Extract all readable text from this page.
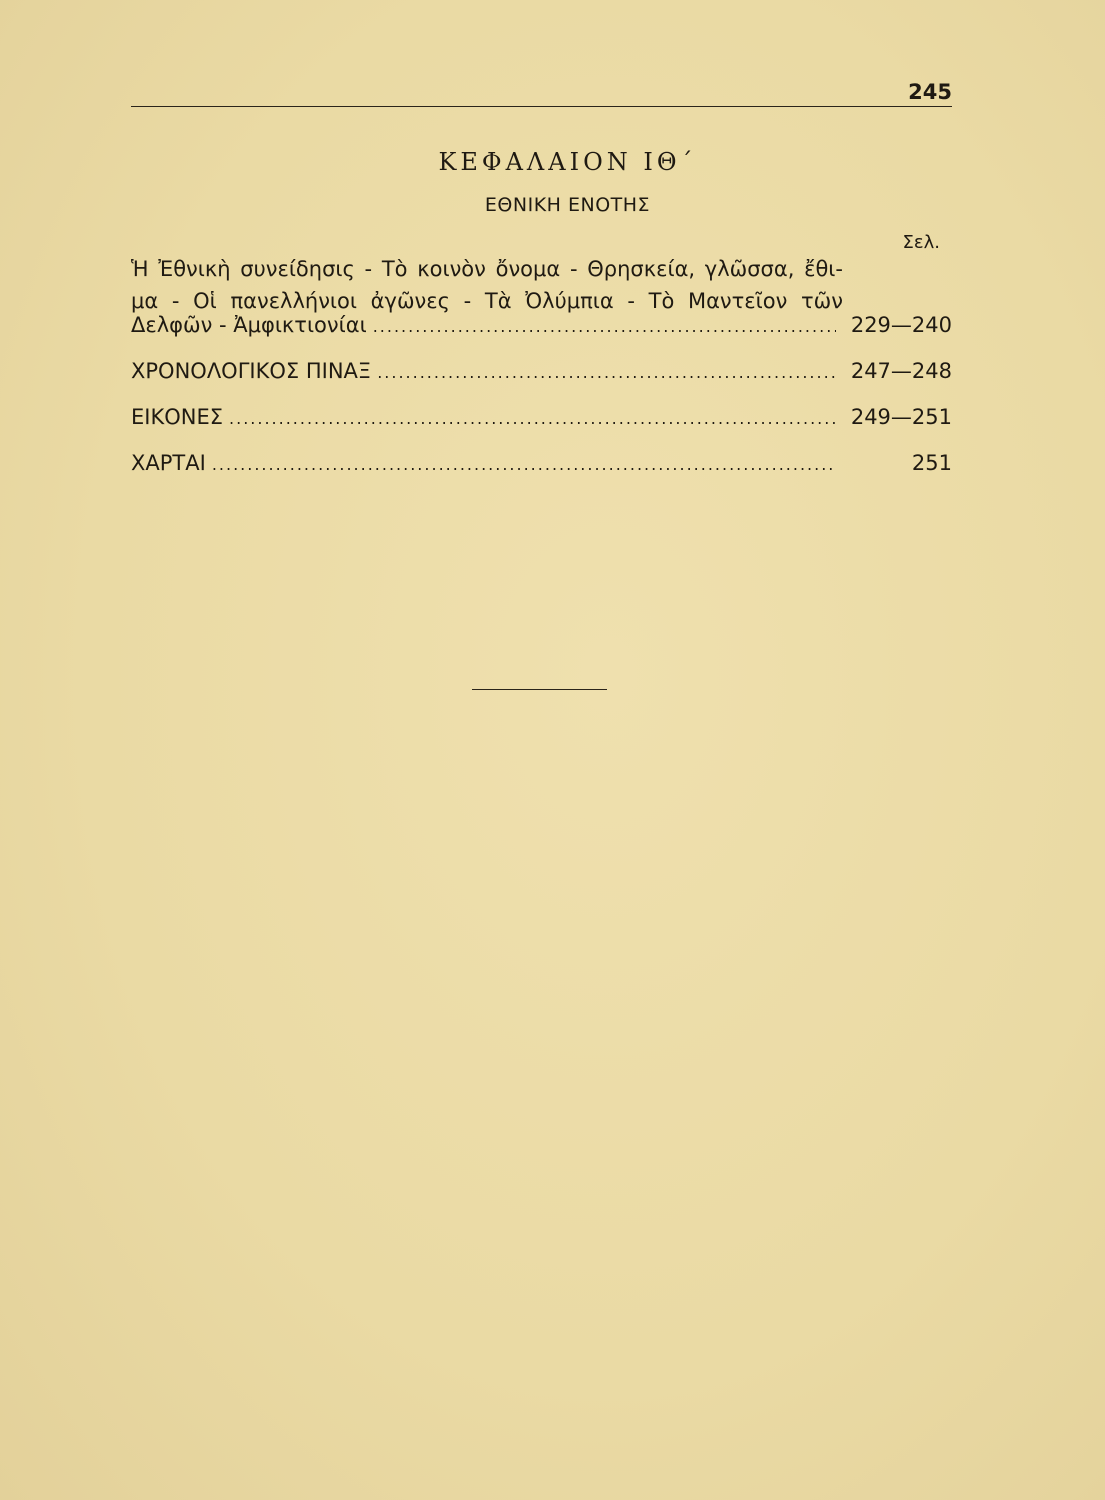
245
ΚΕΦΑΛΑΙΟΝ ΙΘ΄
ΕΘΝΙΚΗ ΕΝΟΤΗΣ
Σελ.
Ἡ Ἐθνικὴ συνείδησις - Τὸ κοινὸν ὄνομα - Θρησκεία, γλῶσσα, ἔθι-
μα - Οἱ πανελλήνιοι ἀγῶνες - Τὰ Ὀλύμπια - Τὸ Μαντεῖον τῶν
Δελφῶν - Ἀμφικτιονίαι .....	229—240
ΧΡΟΝΟΛΟΓΙΚΟΣ ΠΙΝΑΞ .....	247—248
ΕΙΚΟΝΕΣ .....	249—251
ΧΑΡΤΑΙ .....	251
